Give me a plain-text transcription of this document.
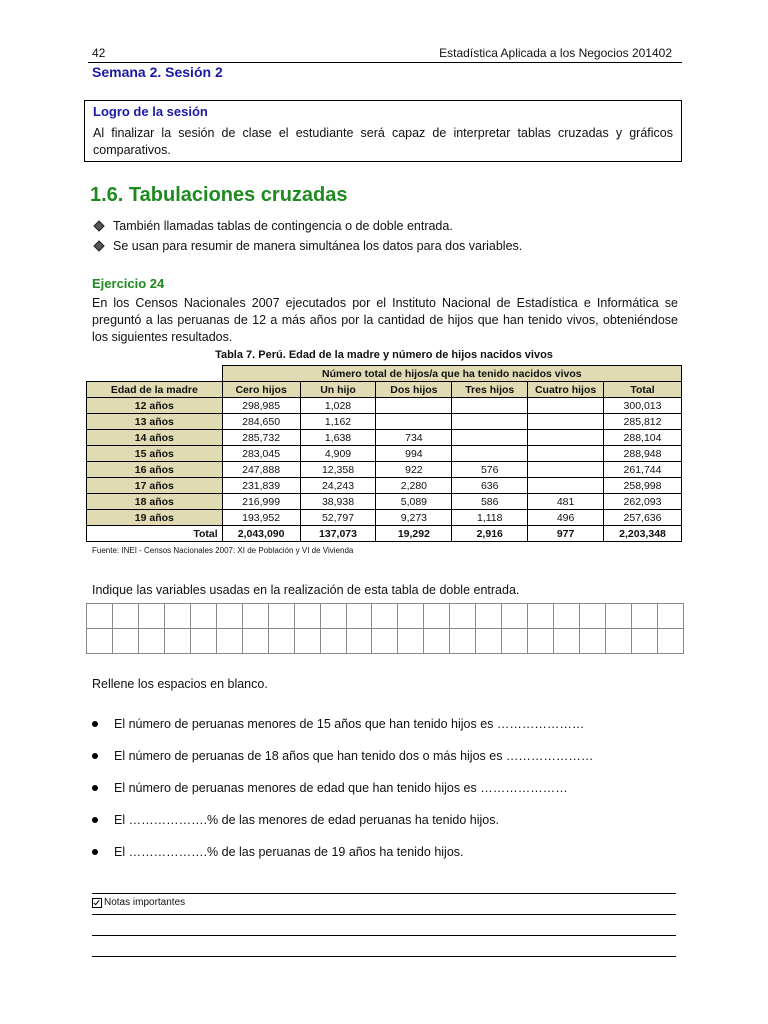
42	Estadística Aplicada a los Negocios 201402
Semana 2. Sesión 2
Logro de la sesión
Al finalizar la sesión de clase el estudiante será capaz de interpretar tablas cruzadas y gráficos comparativos.
1.6. Tabulaciones cruzadas
También llamadas tablas de contingencia o de doble entrada.
Se usan para resumir de manera simultánea los datos para dos variables.
Ejercicio 24
En los Censos Nacionales 2007 ejecutados por el Instituto Nacional de Estadística e Informática se preguntó a las peruanas de 12 a más años por la cantidad de hijos que han tenido vivos, obteniéndose los siguientes resultados.
Tabla 7. Perú. Edad de la madre y número de hijos nacidos vivos
	Número total de hijos/a que ha tenido nacidos vivos					
Edad de la madre	Cero hijos	Un hijo	Dos hijos	Tres hijos	Cuatro hijos	Total
12 años	298,985	1,028				300,013
13 años	284,650	1,162				285,812
14 años	285,732	1,638	734			288,104
15 años	283,045	4,909	994			288,948
16 años	247,888	12,358	922	576		261,744
17 años	231,839	24,243	2,280	636		258,998
18 años	216,999	38,938	5,089	586	481	262,093
19 años	193,952	52,797	9,273	1,118	496	257,636
Total	2,043,090	137,073	19,292	2,916	977	2,203,348
Fuente: INEI - Censos Nacionales 2007: XI de Población y VI de Vivienda
Indique las variables usadas en la realización de esta tabla de doble entrada.

Rellene los espacios en blanco.
El número de peruanas menores de 15 años que han tenido hijos es …………………
El número de peruanas de 18 años que han tenido dos o más hijos es …………………
El número de peruanas menores de edad que han tenido hijos es …………………
El ……………….% de las menores de edad peruanas ha tenido hijos.
El ……………….% de las peruanas de 19 años ha tenido hijos.
Notas importantes
